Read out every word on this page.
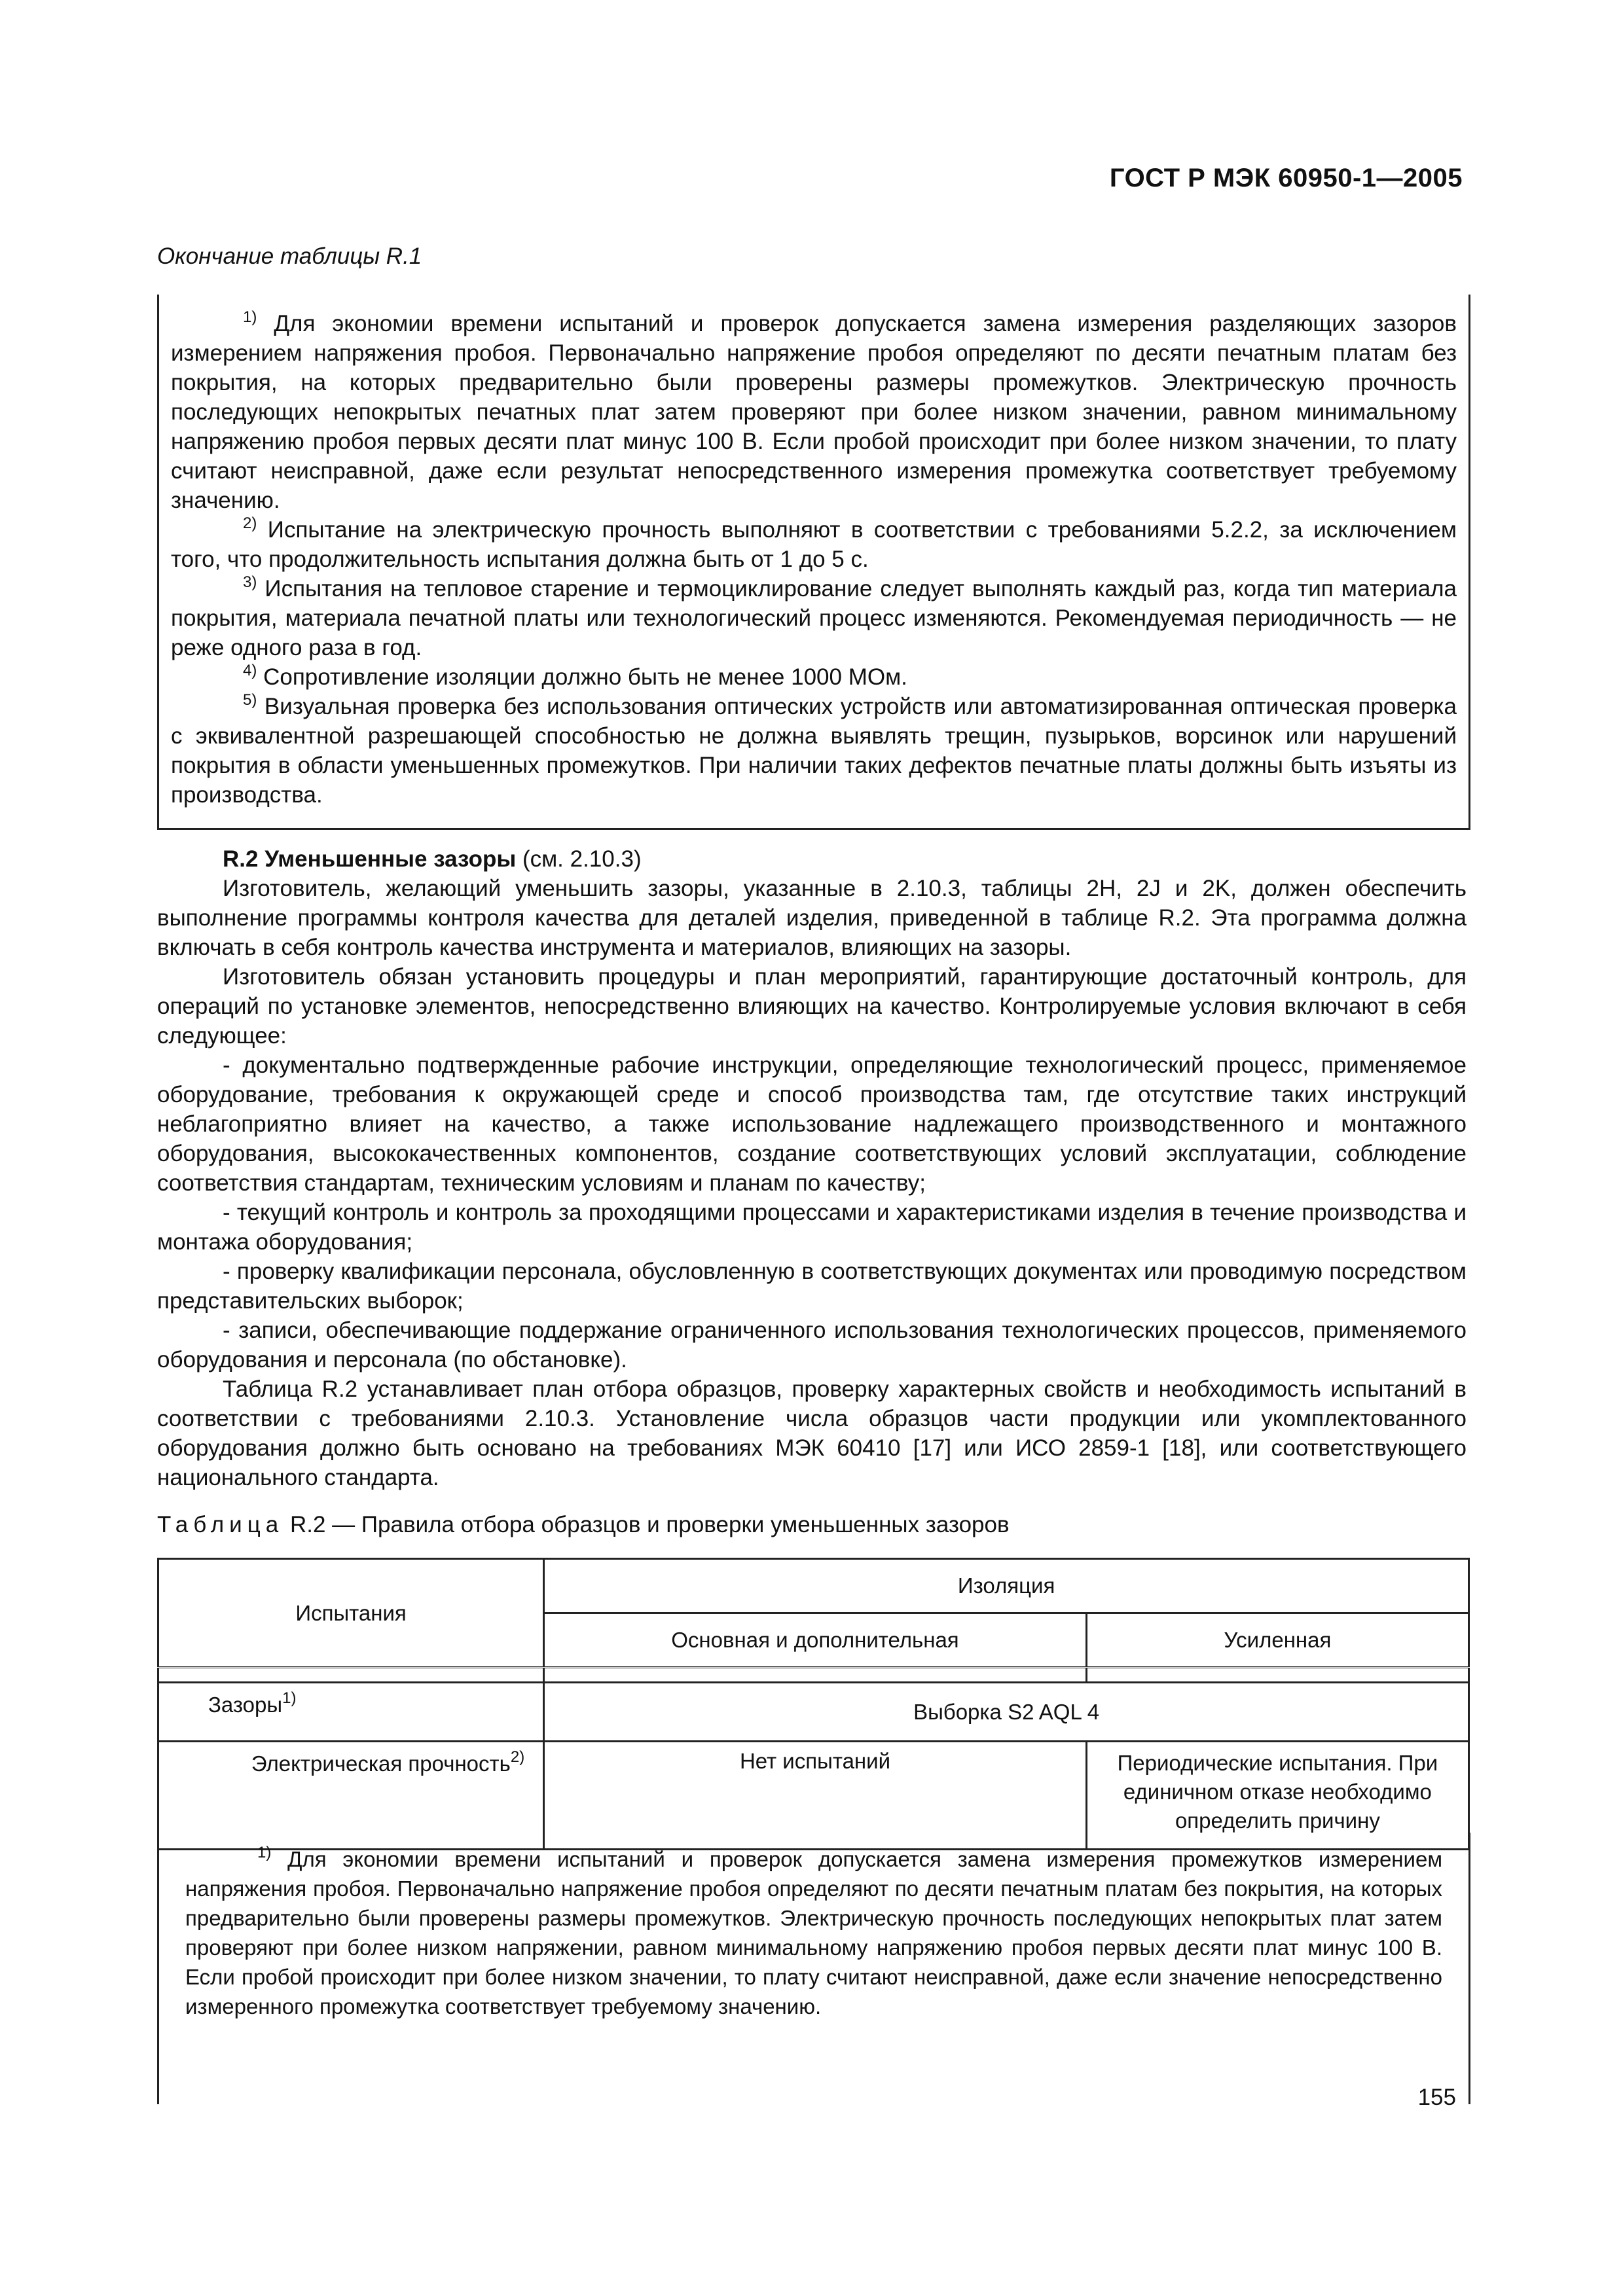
ГОСТ Р МЭК 60950-1—2005
Окончание таблицы R.1

$^{1)}$ Для экономии времени испытаний и проверок допускается замена измерения разделяющих зазоров измерением напряжения пробоя. Первоначально напряжение пробоя определяют по десяти печатным платам без покрытия, на которых предварительно были проверены размеры промежутков. Электрическую прочность последующих непокрытых печатных плат затем проверяют при более низком значении, равном минимальному напряжению пробоя первых десяти плат минус 100 В. Если пробой происходит при более низком значении, то плату считают неисправной, даже если результат непосредственного измерения промежутка соответствует требуемому значению.

$^{2)}$ Испытание на электрическую прочность выполняют в соответствии с требованиями 5.2.2, за исключением того, что продолжительность испытания должна быть от 1 до 5 с.

$^{3)}$ Испытания на тепловое старение и термоциклирование следует выполнять каждый раз, когда тип материала покрытия, материала печатной платы или технологический процесс изменяются. Рекомендуемая периодичность — не реже одного раза в год.

$^{4)}$ Сопротивление изоляции должно быть не менее 1000 МОм.

$^{5)}$ Визуальная проверка без использования оптических устройств или автоматизированная оптическая проверка с эквивалентной разрешающей способностью не должна выявлять трещин, пузырьков, ворсинок или нарушений покрытия в области уменьшенных промежутков. При наличии таких дефектов печатные платы должны быть изъяты из производства.

R.2 Уменьшенные зазоры (см. 2.10.3)

Изготовитель, желающий уменьшить зазоры, указанные в 2.10.3, таблицы 2Н, 2J и 2K, должен обеспечить выполнение программы контроля качества для деталей изделия, приведенной в таблице R.2. Эта программа должна включать в себя контроль качества инструмента и материалов, влияющих на зазоры.

Изготовитель обязан установить процедуры и план мероприятий, гарантирующие достаточный контроль, для операций по установке элементов, непосредственно влияющих на качество. Контролируемые условия включают в себя следующее:

- документально подтвержденные рабочие инструкции, определяющие технологический процесс, применяемое оборудование, требования к окружающей среде и способ производства там, где отсутствие таких инструкций неблагоприятно влияет на качество, а также использование надлежащего производственного и монтажного оборудования, высококачественных компонентов, создание соответствующих условий эксплуатации, соблюдение соответствия стандартам, техническим условиям и планам по качеству;

- текущий контроль и контроль за проходящими процессами и характеристиками изделия в течение производства и монтажа оборудования;

- проверку квалификации персонала, обусловленную в соответствующих документах или проводимую посредством представительских выборок;

- записи, обеспечивающие поддержание ограниченного использования технологических процессов, применяемого оборудования и персонала (по обстановке).

Таблица R.2 устанавливает план отбора образцов, проверку характерных свойств и необходимость испытаний в соответствии с требованиями 2.10.3. Установление числа образцов части продукции или укомплектованного оборудования должно быть основано на требованиях МЭК 60410 [17] или ИСО 2859-1 [18], или соответствующего национального стандарта.

Таблица R.2 — Правила отбора образцов и проверки уменьшенных зазоров
Испытания	Изоляция	
	Основная и дополнительная	Усиленная

Зазоры$^{1)}$	Выборка S2 AQL 4	
Электрическая прочность$^{2)}$	Нет испытаний	Периодические испытания. При единичном отказе необходимо определить причину

$^{1)}$ Для экономии времени испытаний и проверок допускается замена измерения промежутков измерением напряжения пробоя. Первоначально напряжение пробоя определяют по десяти печатным платам без покрытия, на которых предварительно были проверены размеры промежутков. Электрическую прочность последующих непокрытых плат затем проверяют при более низком напряжении, равном минимальному напряжению пробоя первых десяти плат минус 100 В. Если пробой происходит при более низком значении, то плату считают неисправной, даже если значение непосредственно измеренного промежутка соответствует требуемому значению.

155
